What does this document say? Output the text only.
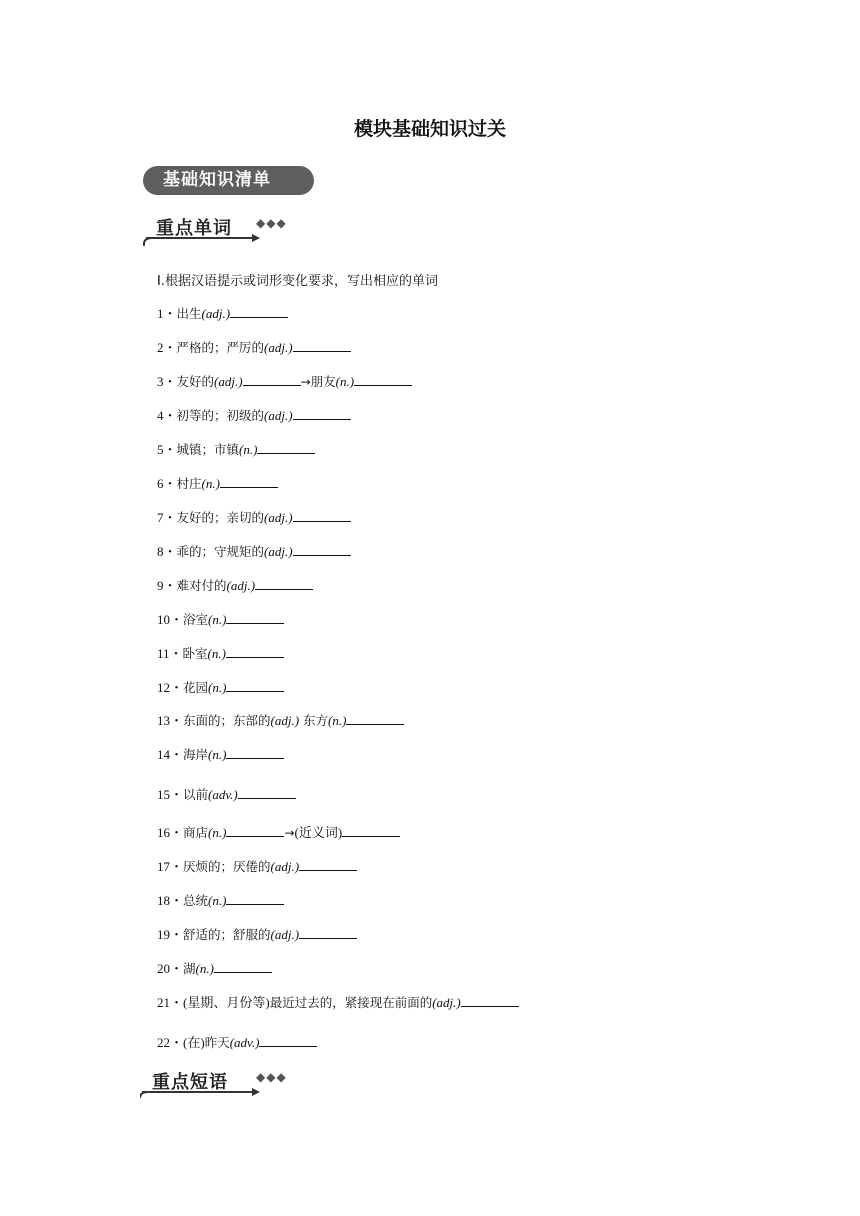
模块基础知识过关
基础知识清单
重点单词 ◆◆◆
Ⅰ.根据汉语提示或词形变化要求，写出相应的单词
1・出生(adj.)
2・严格的；严厉的(adj.)
3・友好的(adj.)	→朋友(n.)
4・初等的；初级的(adj.)
5・城镇；市镇(n.)
6・村庄(n.)
7・友好的；亲切的(adj.)
8・乖的；守规矩的(adj.)
9・难对付的(adj.)
10・浴室(n.)
11・卧室(n.)
12・花园(n.)
13・东面的；东部的(adj.) 东方(n.)
14・海岸(n.)
15・以前(adv.)
16・商店(n.)	→(近义词)
17・厌烦的；厌倦的(adj.)
18・总统(n.)
19・舒适的；舒服的(adj.)
20・湖(n.)
21・(星期、月份等)最近过去的，紧接现在前面的(adj.)
22・(在)昨天(adv.)
重点短语 ◆◆◆
